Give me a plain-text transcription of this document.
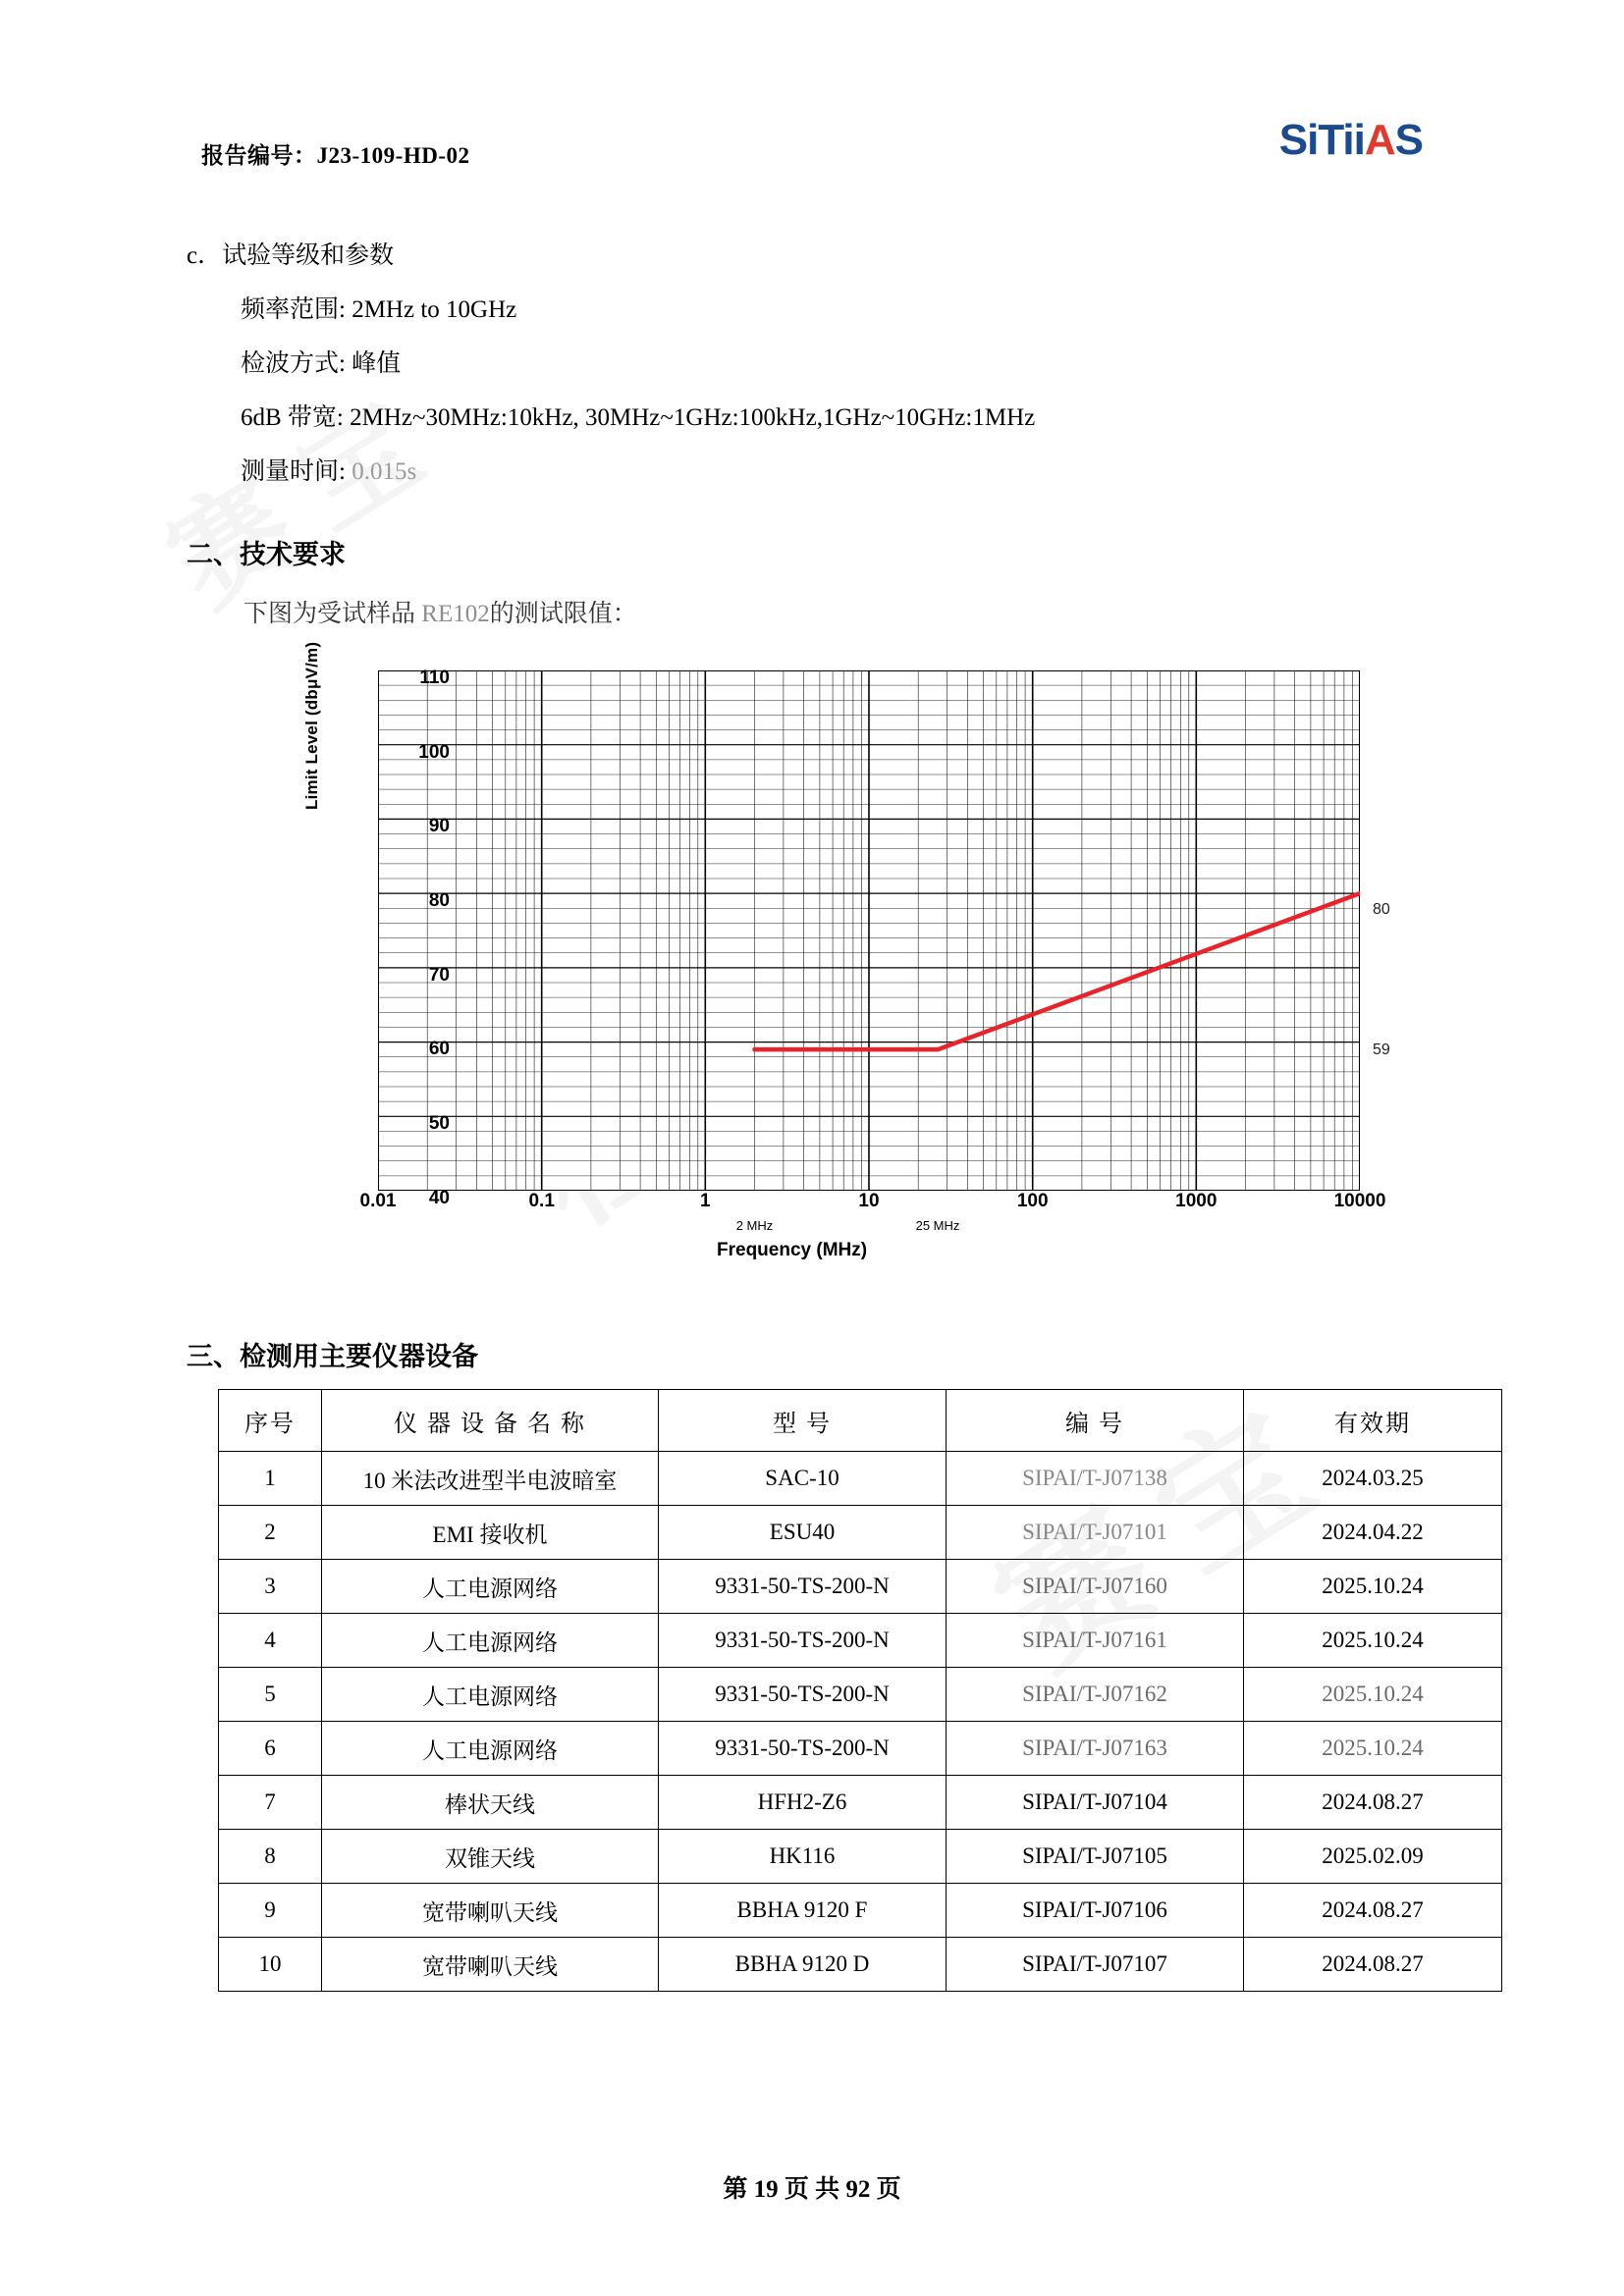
报告编号：J23-109-HD-02	SiTiiAS
c．试验等级和参数
频率范围: 2MHz to 10GHz
检波方式: 峰值
6dB 带宽: 2MHz~30MHz:10kHz, 30MHz~1GHz:100kHz,1GHz~10GHz:1MHz
测量时间: 0.015s
二、技术要求
下图为受试样品 RE102的测试限值：
Limit Level (dbμV/m)
Frequency (MHz)
110
100
90
80
70
60
50
40
0.01	0.1	1	10	100	1000	10000
2 MHz	25 MHz
80
59
三、检测用主要仪器设备
序号	仪 器 设 备 名 称	型 号	编 号	有效期
1	10 米法改进型半电波暗室	SAC-10	SIPAI/T-J07138	2024.03.25
2	EMI 接收机	ESU40	SIPAI/T-J07101	2024.04.22
3	人工电源网络	9331-50-TS-200-N	SIPAI/T-J07160	2025.10.24
4	人工电源网络	9331-50-TS-200-N	SIPAI/T-J07161	2025.10.24
5	人工电源网络	9331-50-TS-200-N	SIPAI/T-J07162	2025.10.24
6	人工电源网络	9331-50-TS-200-N	SIPAI/T-J07163	2025.10.24
7	棒状天线	HFH2-Z6	SIPAI/T-J07104	2024.08.27
8	双锥天线	HK116	SIPAI/T-J07105	2025.02.09
9	宽带喇叭天线	BBHA 9120 F	SIPAI/T-J07106	2024.08.27
10	宽带喇叭天线	BBHA 9120 D	SIPAI/T-J07107	2024.08.27
第 19 页 共 92 页
